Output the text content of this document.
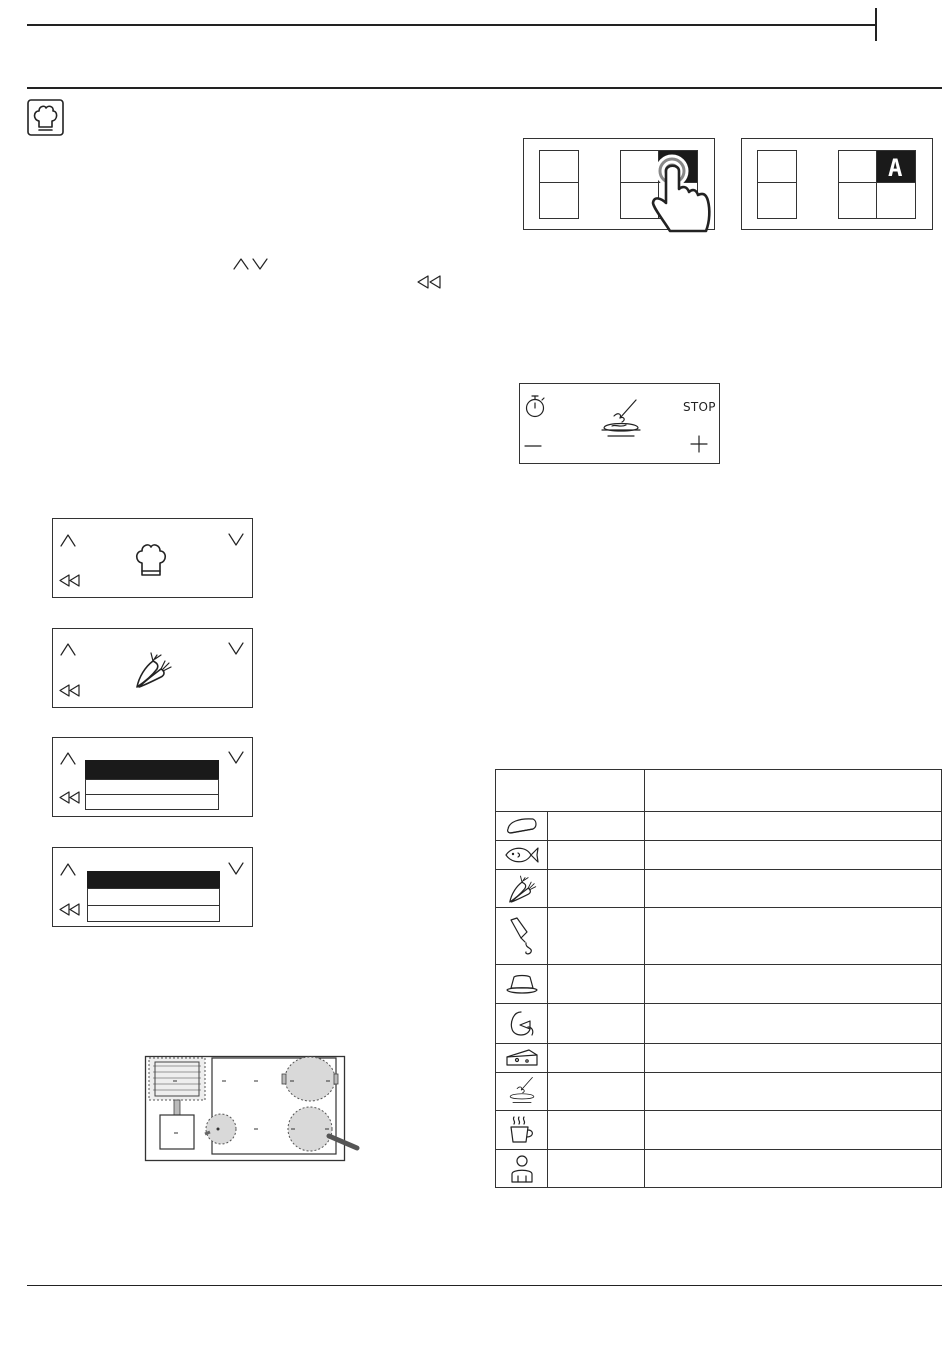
A
STOP
